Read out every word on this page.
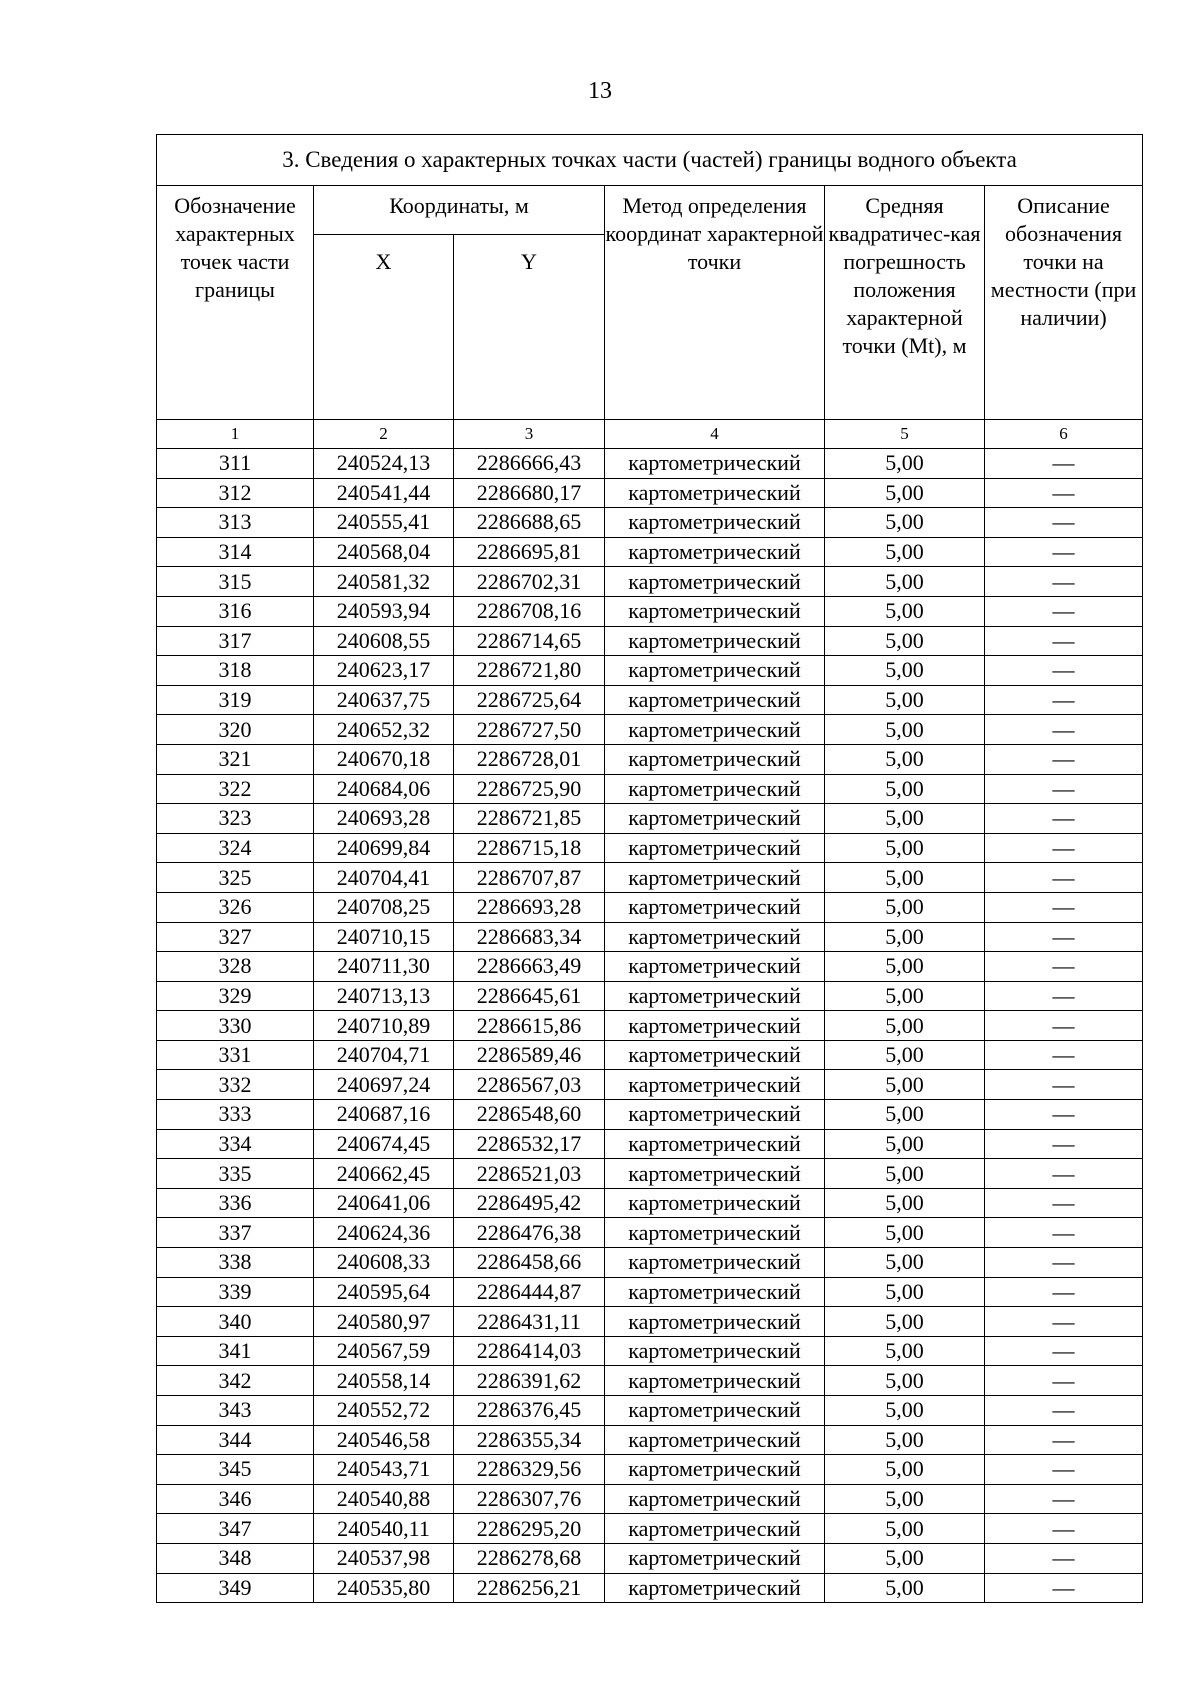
13
3. Сведения о характерных точках части (частей) границы водного объекта					
Обозначение характерных точек части границы	Координаты, м		Метод определения координат характерной точки	Средняя квадратичес-кая погрешность положения характерной точки (Mt), м	Описание обозначения точки на местности (при наличии)
	X	Y			
1	2	3	4	5	6
311	240524,13	2286666,43	картометрический	5,00	—
312	240541,44	2286680,17	картометрический	5,00	—
313	240555,41	2286688,65	картометрический	5,00	—
314	240568,04	2286695,81	картометрический	5,00	—
315	240581,32	2286702,31	картометрический	5,00	—
316	240593,94	2286708,16	картометрический	5,00	—
317	240608,55	2286714,65	картометрический	5,00	—
318	240623,17	2286721,80	картометрический	5,00	—
319	240637,75	2286725,64	картометрический	5,00	—
320	240652,32	2286727,50	картометрический	5,00	—
321	240670,18	2286728,01	картометрический	5,00	—
322	240684,06	2286725,90	картометрический	5,00	—
323	240693,28	2286721,85	картометрический	5,00	—
324	240699,84	2286715,18	картометрический	5,00	—
325	240704,41	2286707,87	картометрический	5,00	—
326	240708,25	2286693,28	картометрический	5,00	—
327	240710,15	2286683,34	картометрический	5,00	—
328	240711,30	2286663,49	картометрический	5,00	—
329	240713,13	2286645,61	картометрический	5,00	—
330	240710,89	2286615,86	картометрический	5,00	—
331	240704,71	2286589,46	картометрический	5,00	—
332	240697,24	2286567,03	картометрический	5,00	—
333	240687,16	2286548,60	картометрический	5,00	—
334	240674,45	2286532,17	картометрический	5,00	—
335	240662,45	2286521,03	картометрический	5,00	—
336	240641,06	2286495,42	картометрический	5,00	—
337	240624,36	2286476,38	картометрический	5,00	—
338	240608,33	2286458,66	картометрический	5,00	—
339	240595,64	2286444,87	картометрический	5,00	—
340	240580,97	2286431,11	картометрический	5,00	—
341	240567,59	2286414,03	картометрический	5,00	—
342	240558,14	2286391,62	картометрический	5,00	—
343	240552,72	2286376,45	картометрический	5,00	—
344	240546,58	2286355,34	картометрический	5,00	—
345	240543,71	2286329,56	картометрический	5,00	—
346	240540,88	2286307,76	картометрический	5,00	—
347	240540,11	2286295,20	картометрический	5,00	—
348	240537,98	2286278,68	картометрический	5,00	—
349	240535,80	2286256,21	картометрический	5,00	—
